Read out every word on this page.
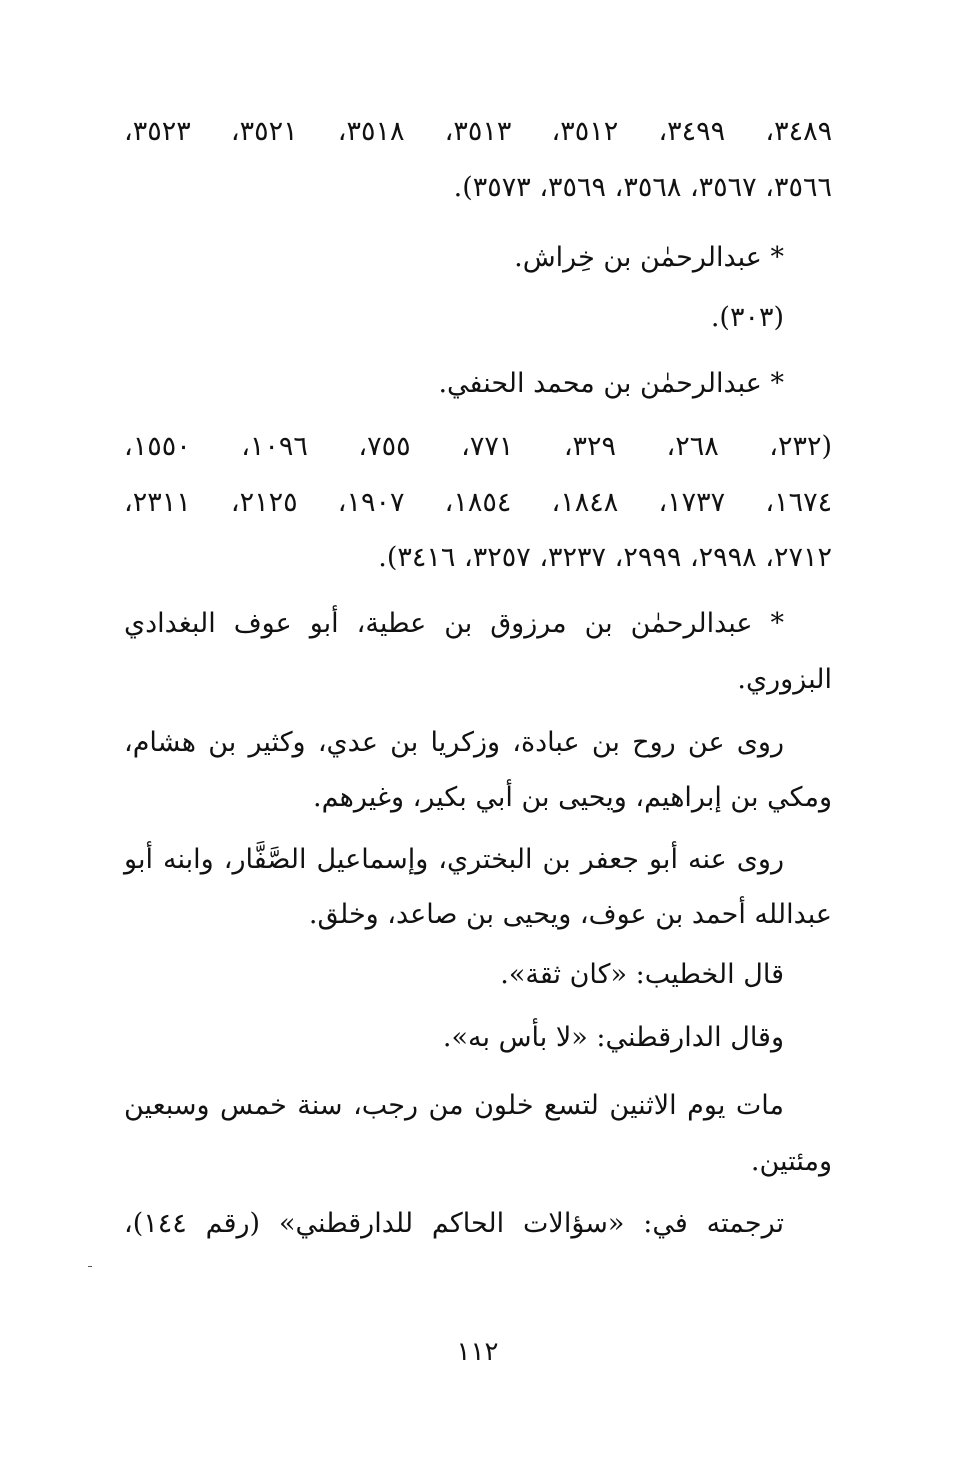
٣٤٨٩، ٣٤٩٩، ٣٥١٢، ٣٥١٣، ٣٥١٨، ٣٥٢١، ٣٥٢٣،
٣٥٦٦، ٣٥٦٧، ٣٥٦٨، ٣٥٦٩، ٣٥٧٣).
* عبدالرحمٰن بن خِراش.
(٣٠٣).
* عبدالرحمٰن بن محمد الحنفي.
(٢٣٢، ٢٦٨، ٣٢٩، ٧٧١، ٧٥٥، ١٠٩٦، ١٥٥٠،
١٦٧٤، ١٧٣٧، ١٨٤٨، ١٨٥٤، ١٩٠٧، ٢١٢٥، ٢٣١١،
٢٧١٢، ٢٩٩٨، ٢٩٩٩، ٣٢٣٧، ٣٢٥٧، ٣٤١٦).
* عبدالرحمٰن بن مرزوق بن عطية، أبو عوف البغدادي
البزوري.
روى عن روح بن عبادة، وزكريا بن عدي، وكثير بن هشام،
ومكي بن إبراهيم، ويحيى بن أبي بكير، وغيرهم.
روى عنه أبو جعفر بن البختري، وإسماعيل الصَّفَّار، وابنه أبو
عبدالله أحمد بن عوف، ويحيى بن صاعد، وخلق.
قال الخطيب: «كان ثقة».
وقال الدارقطني: «لا بأس به».
مات يوم الاثنين لتسع خلون من رجب، سنة خمس وسبعين
ومئتين.
ترجمته في: «سؤالات الحاكم للدارقطني» (رقم ١٤٤)،
١١٢
